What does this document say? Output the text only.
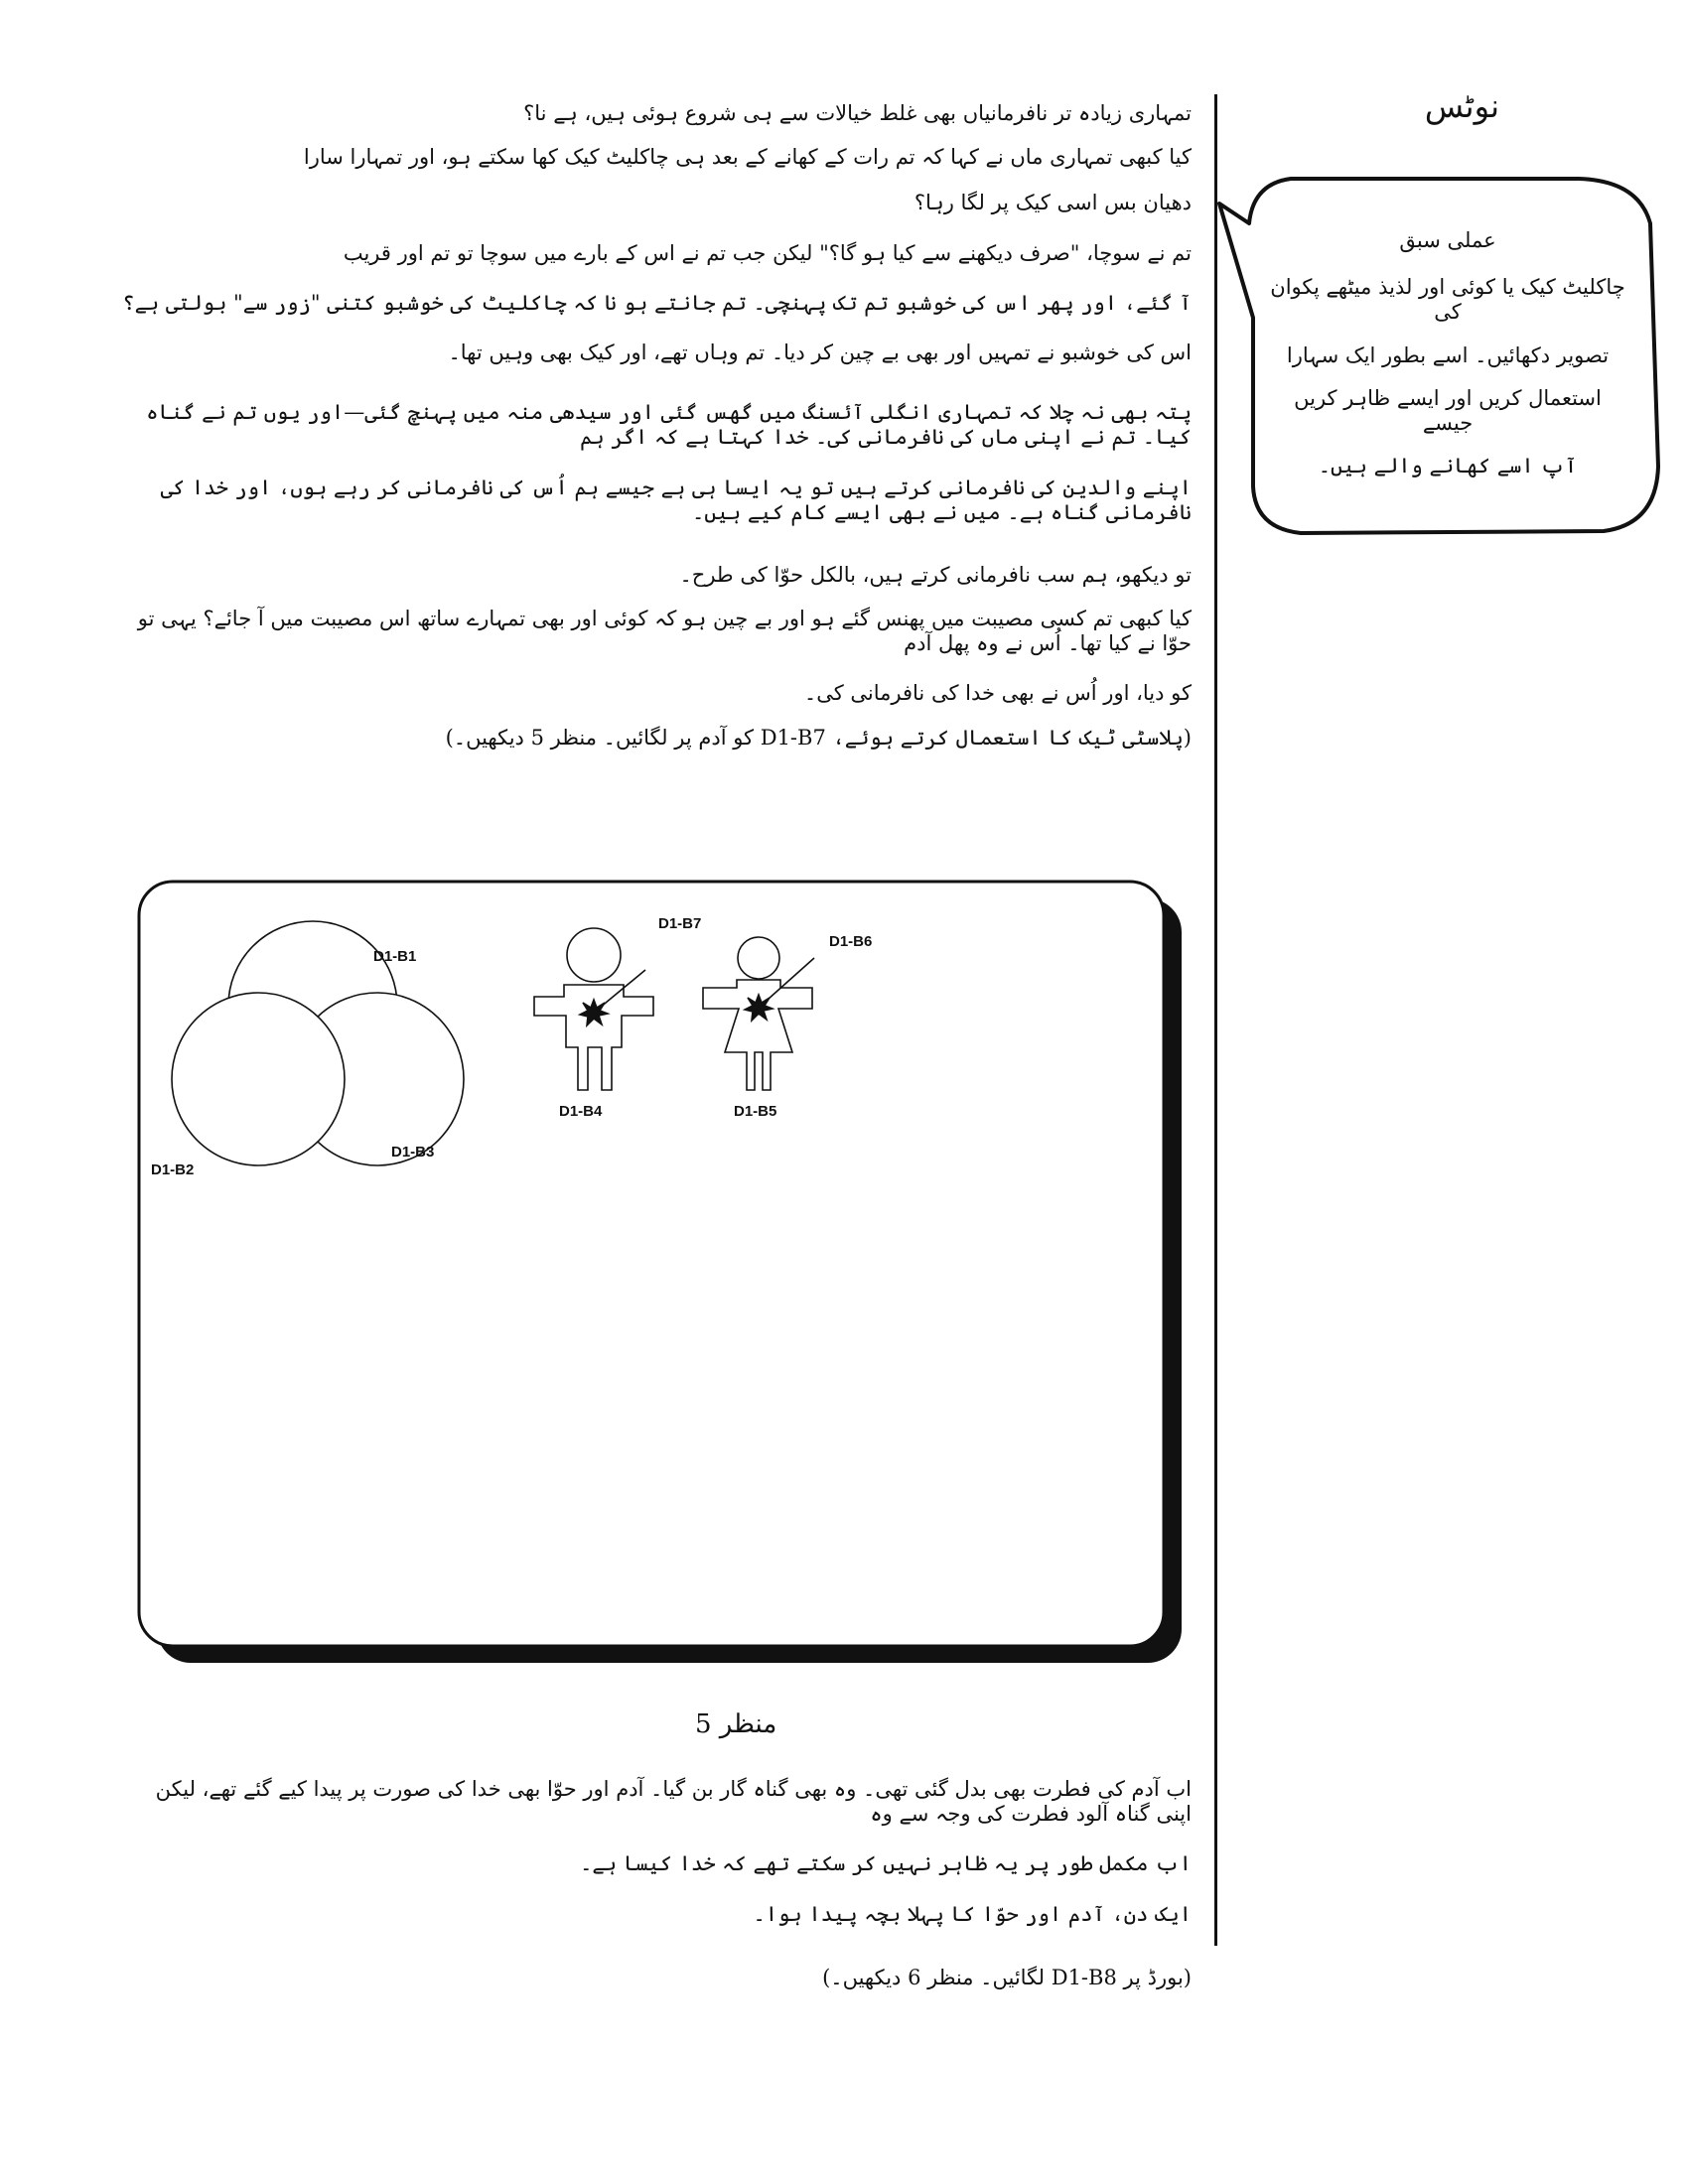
نوٹس

تمہاری زیادہ تر نافرمانیاں بھی غلط خیالات سے ہی شروع ہوئی ہیں، ہے نا؟

کیا کبھی تمہاری ماں نے کہا کہ تم رات کے کھانے کے بعد ہی چاکلیٹ کیک کھا سکتے ہو، اور تمہارا سارا

دھیان بس اسی کیک پر لگا رہا؟

تم نے سوچا، "صرف دیکھنے سے کیا ہو گا؟" لیکن جب تم نے اس کے بارے میں سوچا تو تم اور قریب

آ گئے، اور پھر اس کی خوشبو تم تک پہنچی۔ تم جانتے ہو نا کہ چاکلیٹ کی خوشبو کتنی "زور سے" بولتی ہے؟

اس کی خوشبو نے تمہیں اور بھی بے چین کر دیا۔ تم وہاں تھے، اور کیک بھی وہیں تھا۔

پتہ بھی نہ چلا کہ تمہاری انگلی آئسنگ میں گھس گئی اور سیدھی منہ میں پہنچ گئی—اور یوں تم نے گناہ کیا۔ تم نے اپنی ماں کی نافرمانی کی۔ خدا کہتا ہے کہ اگر ہم

اپنے والدین کی نافرمانی کرتے ہیں تو یہ ایسا ہی ہے جیسے ہم اُس کی نافرمانی کر رہے ہوں، اور خدا کی نافرمانی گناہ ہے۔ میں نے بھی ایسے کام کیے ہیں۔

تو دیکھو، ہم سب نافرمانی کرتے ہیں، بالکل حوّا کی طرح۔

کیا کبھی تم کسی مصیبت میں پھنس گئے ہو اور بے چین ہو کہ کوئی اور بھی تمہارے ساتھ اس مصیبت میں آ جائے؟ یہی تو حوّا نے کیا تھا۔ اُس نے وہ پھل آدم

کو دیا، اور اُس نے بھی خدا کی نافرمانی کی۔

(پلاسٹی ٹیک کا استعمال کرتے ہوئے، D1-B7 کو آدم پر لگائیں۔ منظر 5 دیکھیں۔)

عملی سبق

چاکلیٹ کیک یا کوئی اور لذیذ میٹھے پکوان کی

تصویر دکھائیں۔ اسے بطور ایک سہارا

استعمال کریں اور ایسے ظاہر کریں جیسے

آپ اسے کھانے والے ہیں۔

D1-B1
D1-B2
D1-B3
D1-B4	D1-B5
D1-B6
D1-B7
منظر 5

اب آدم کی فطرت بھی بدل گئی تھی۔ وہ بھی گناہ گار بن گیا۔ آدم اور حوّا بھی خدا کی صورت پر پیدا کیے گئے تھے، لیکن اپنی گناہ آلود فطرت کی وجہ سے وہ

اب مکمل طور پر یہ ظاہر نہیں کر سکتے تھے کہ خدا کیسا ہے۔

ایک دن، آدم اور حوّا کا پہلا بچہ پیدا ہوا۔

(بورڈ پر D1-B8 لگائیں۔ منظر 6 دیکھیں۔)
